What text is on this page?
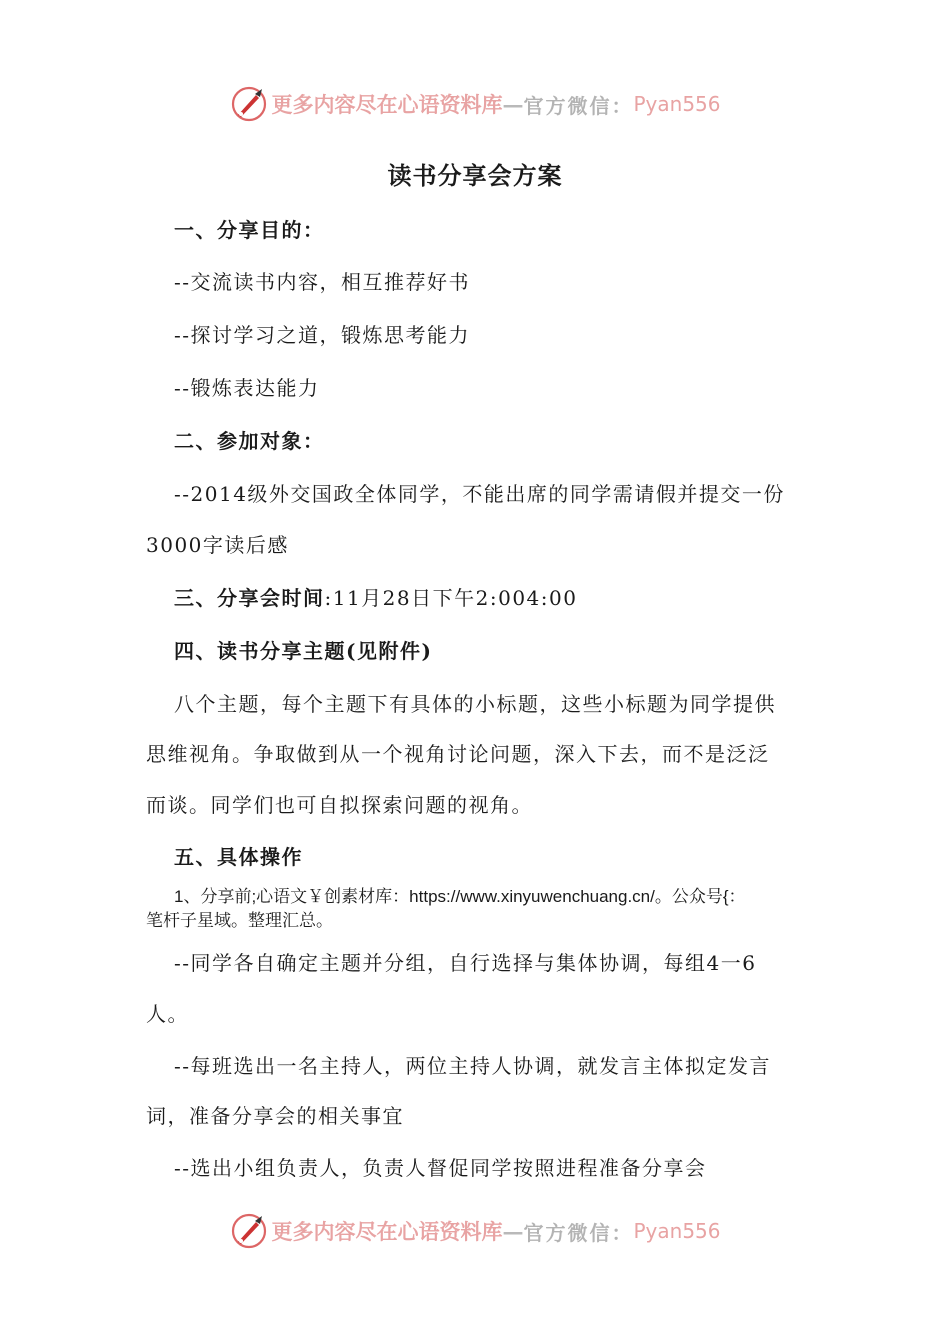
更多内容尽在心语资料库 — 官方微信： Pyan556
读书分享会方案
一、分享目的：
--交流读书内容，相互推荐好书
--探讨学习之道，锻炼思考能力
--锻炼表达能力
二、参加对象：
--2014级外交国政全体同学，不能出席的同学需请假并提交一份
3000字读后感
三、分享会时间:11月28日下午2:004:00
四、读书分享主题(见附件)
八个主题，每个主题下有具体的小标题，这些小标题为同学提供
思维视角。争取做到从一个视角讨论问题，深入下去，而不是泛泛
而谈。同学们也可自拟探索问题的视角。
五、具体操作
1、分享前;心语文￥创素材库：https://www.xinyuwenchuang.cn/。公众号{：
笔杆子星域。整理汇总。
--同学各自确定主题并分组，自行选择与集体协调，每组4一6
人。
--每班选出一名主持人，两位主持人协调，就发言主体拟定发言
词，准备分享会的相关事宜
--选出小组负责人，负责人督促同学按照进程准备分享会
更多内容尽在心语资料库 — 官方微信： Pyan556
